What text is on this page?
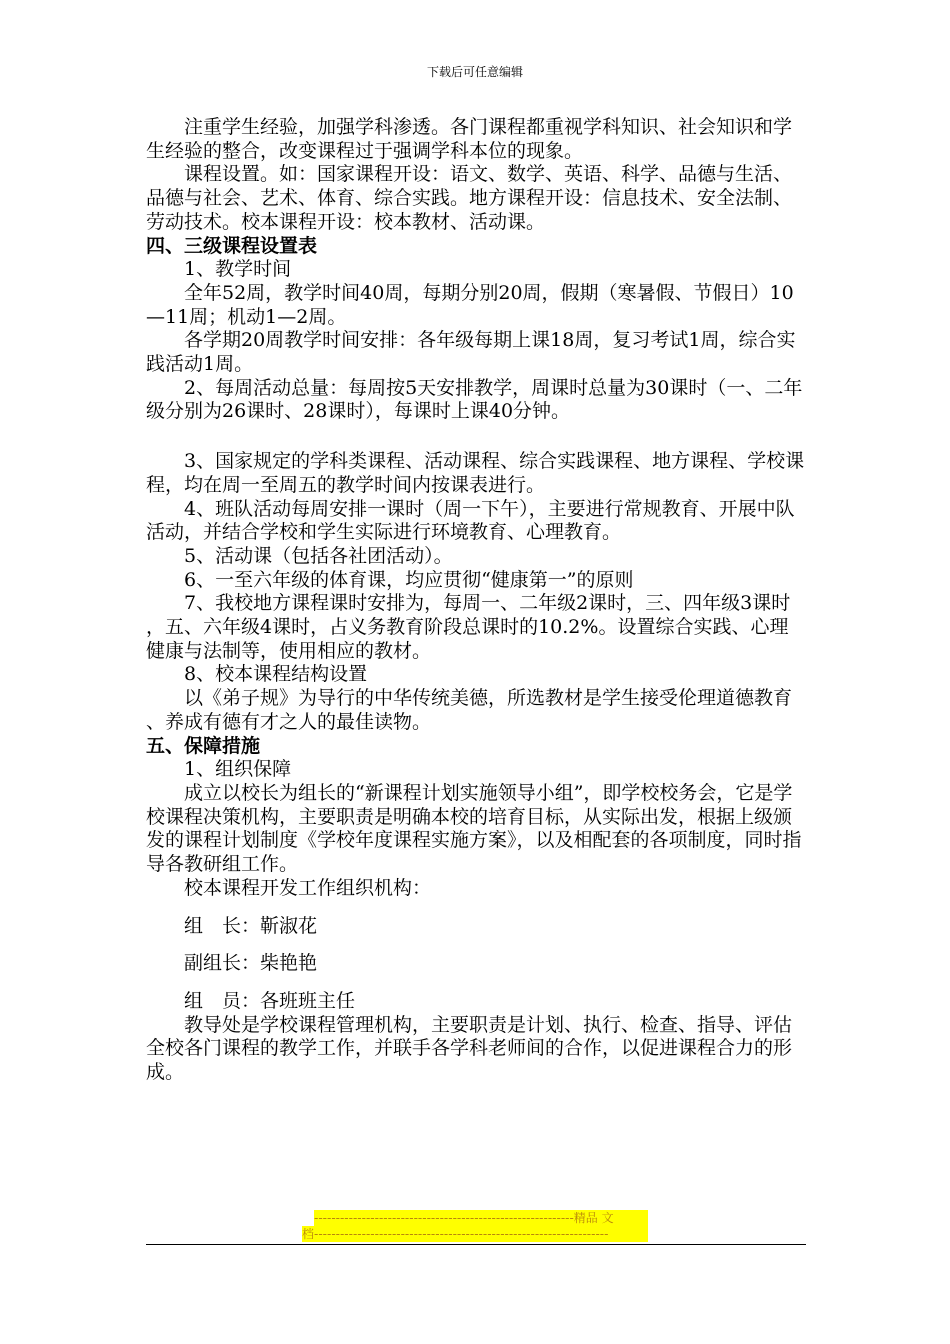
下载后可任意编辑

注重学生经验，加强学科渗透。各门课程都重视学科知识、社会知识和学生经验的整合，改变课程过于强调学科本位的现象。

课程设置。如：国家课程开设：语文、数学、英语、科学、品德与生活、品德与社会、艺术、体育、综合实践。地方课程开设：信息技术、安全法制、劳动技术。校本课程开设：校本教材、活动课。

四、三级课程设置表

1、教学时间

全年52周，教学时间40周，每期分别20周，假期（寒暑假、节假日）10—11周；机动1—2周。

各学期20周教学时间安排：各年级每期上课18周，复习考试1周，综合实践活动1周。

2、每周活动总量：每周按5天安排教学，周课时总量为30课时（一、二年级分别为26课时、28课时），每课时上课40分钟。

3、国家规定的学科类课程、活动课程、综合实践课程、地方课程、学校课程，均在周一至周五的教学时间内按课表进行。

4、班队活动每周安排一课时（周一下午），主要进行常规教育、开展中队活动，并结合学校和学生实际进行环境教育、心理教育。

5、活动课（包括各社团活动）。

6、一至六年级的体育课，均应贯彻“健康第一”的原则

7、我校地方课程课时安排为，每周一、二年级2课时，三、四年级3课时，五、六年级4课时，占义务教育阶段总课时的10.2%。设置综合实践、心理健康与法制等，使用相应的教材。

8、校本课程结构设置

以《弟子规》为导行的中华传统美德，所选教材是学生接受伦理道德教育、养成有德有才之人的最佳读物。

五、保障措施

1、组织保障

成立以校长为组长的“新课程计划实施领导小组”，即学校校务会，它是学校课程决策机构，主要职责是明确本校的培育目标，从实际出发，根据上级颁发的课程计划制度《学校年度课程实施方案》，以及相配套的各项制度，同时指导各教研组工作。

校本课程开发工作组织机构：

组　长：靳淑花

副组长：柴艳艳

组　员：各班班主任

教导处是学校课程管理机构，主要职责是计划、执行、检查、指导、评估全校各门课程的教学工作，并联手各学科老师间的合作，以促进课程合力的形成。

------------------------------------------------------------精品 文
档--------------------------------------------------------------------
